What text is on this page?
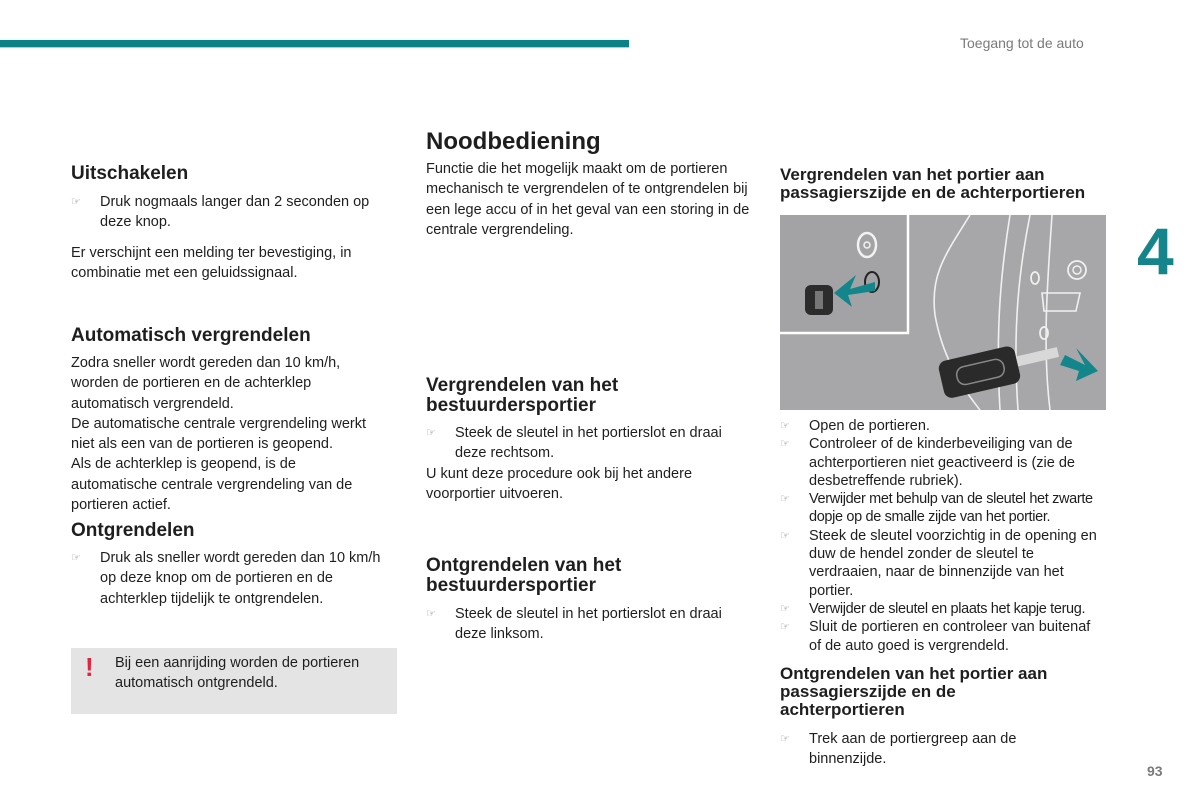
Toegang tot de auto
4
93
Uitschakelen
☞ Druk nogmaals langer dan 2 seconden op deze knop.

Er verschijnt een melding ter bevestiging, in combinatie met een geluidssignaal.

Automatisch vergrendelen

Zodra sneller wordt gereden dan 10 km/h, worden de portieren en de achterklep automatisch vergrendeld.

De automatische centrale vergrendeling werkt niet als een van de portieren is geopend.

Als de achterklep is geopend, is de automatische centrale vergrendeling van de portieren actief.

Ontgrendelen
☞ Druk als sneller wordt gereden dan 10 km/h op deze knop om de portieren en de achterklep tijdelijk te ontgrendelen.
! Bij een aanrijding worden de portieren automatisch ontgrendeld.
Noodbediening

Functie die het mogelijk maakt om de portieren mechanisch te vergrendelen of te ontgrendelen bij een lege accu of in het geval van een storing in de centrale vergrendeling.

Vergrendelen van het bestuurdersportier
☞ Steek de sleutel in het portierslot en draai deze rechtsom.

U kunt deze procedure ook bij het andere voorportier uitvoeren.

Ontgrendelen van het bestuurdersportier
☞ Steek de sleutel in het portierslot en draai deze linksom.
Vergrendelen van het portier aan passagierszijde en de achterportieren
☞ Open de portieren.
☞ Controleer of de kinderbeveiliging van de achterportieren niet geactiveerd is (zie de desbetreffende rubriek).
☞ Verwijder met behulp van de sleutel het zwarte dopje op de smalle zijde van het portier.
☞ Steek de sleutel voorzichtig in de opening en duw de hendel zonder de sleutel te verdraaien, naar de binnenzijde van het portier.
☞ Verwijder de sleutel en plaats het kapje terug.
☞ Sluit de portieren en controleer van buitenaf of de auto goed is vergrendeld.
Ontgrendelen van het portier aan passagierszijde en de achterportieren
☞ Trek aan de portiergreep aan de binnenzijde.
